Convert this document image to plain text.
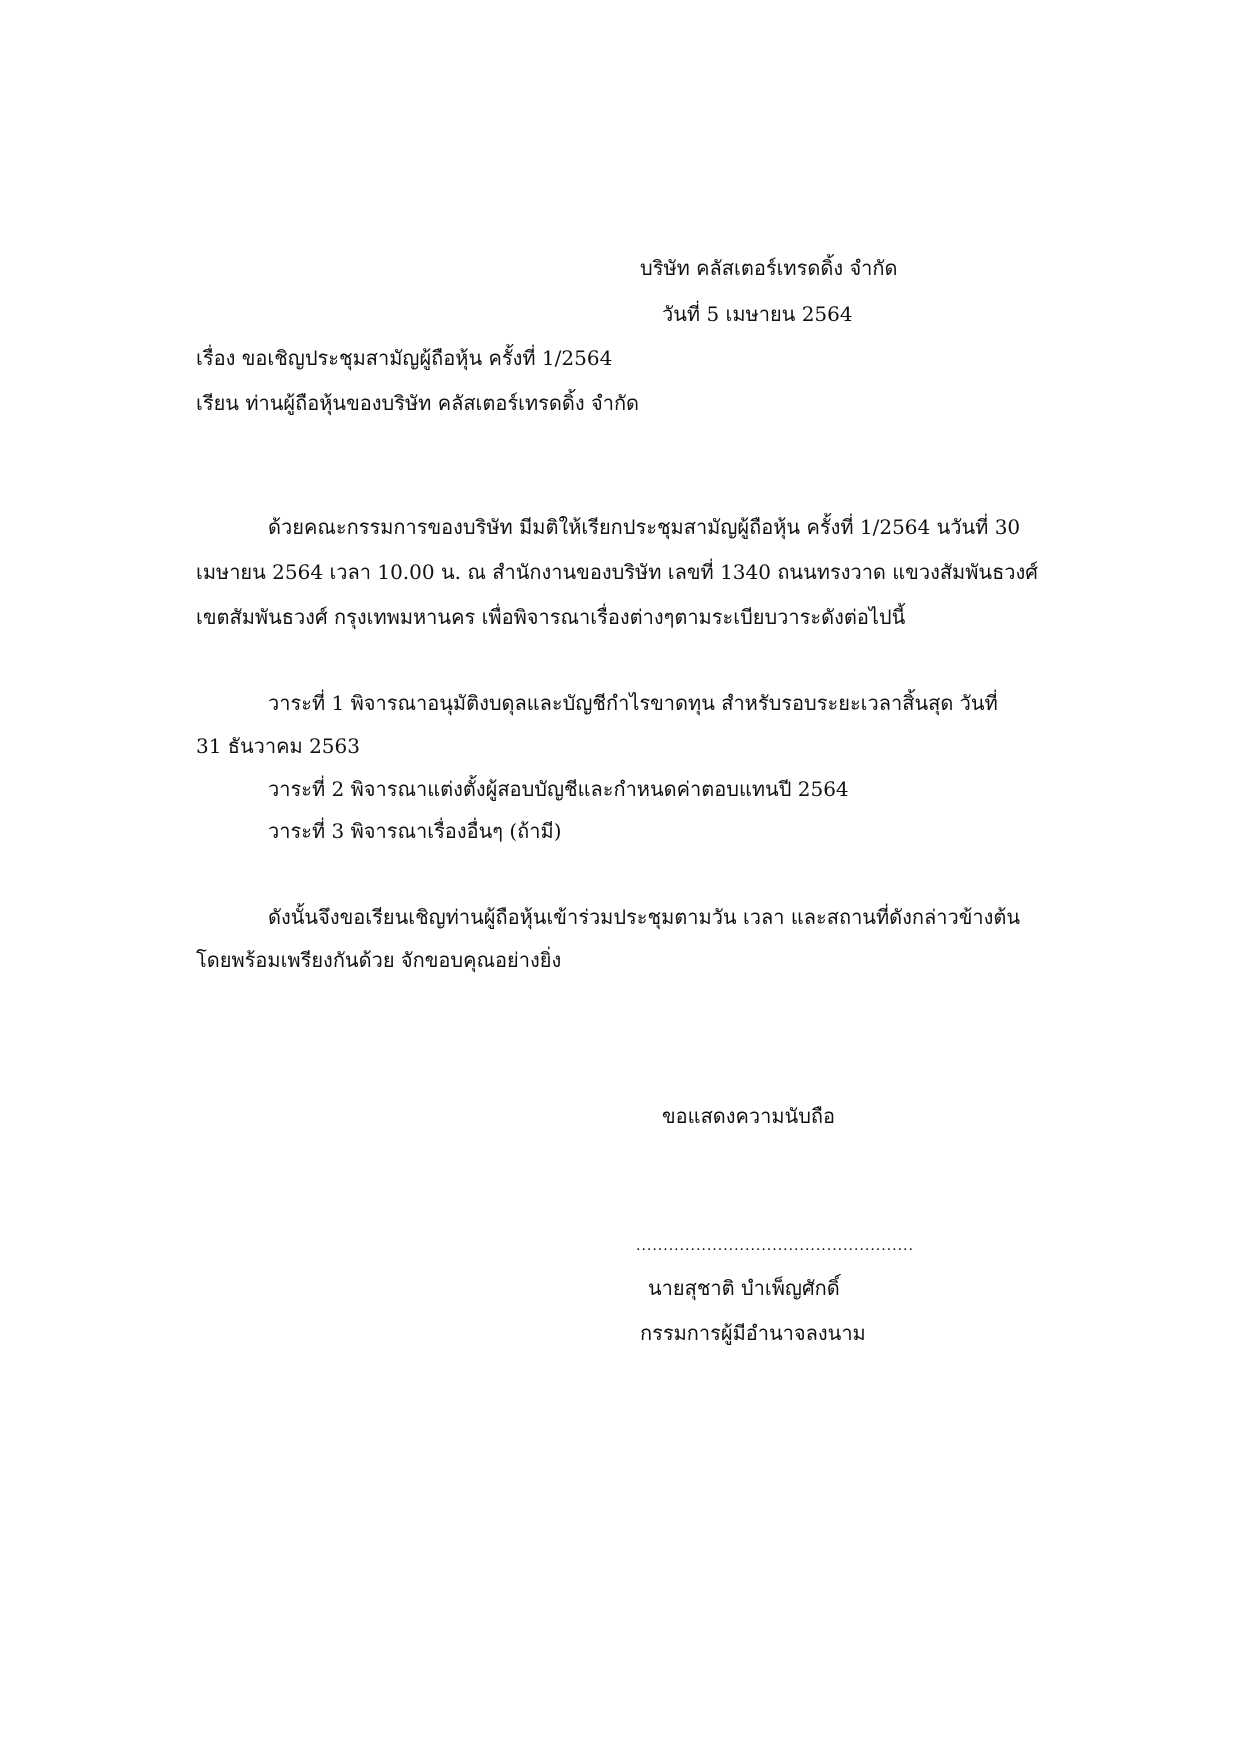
บริษัท คลัสเตอร์เทรดดิ้ง จำกัด
วันที่ 5 เมษายน 2564
เรื่อง ขอเชิญประชุมสามัญผู้ถือหุ้น ครั้งที่ 1/2564
เรียน ท่านผู้ถือหุ้นของบริษัท คลัสเตอร์เทรดดิ้ง จำกัด
ด้วยคณะกรรมการของบริษัท มีมติให้เรียกประชุมสามัญผู้ถือหุ้น ครั้งที่ 1/2564 นวันที่ 30
เมษายน 2564 เวลา 10.00 น. ณ สำนักงานของบริษัท เลขที่ 1340 ถนนทรงวาด แขวงสัมพันธวงศ์
เขตสัมพันธวงศ์ กรุงเทพมหานคร เพื่อพิจารณาเรื่องต่างๆตามระเบียบวาระดังต่อไปนี้
วาระที่ 1 พิจารณาอนุมัติงบดุลและบัญชีกำไรขาดทุน สำหรับรอบระยะเวลาสิ้นสุด วันที่
31 ธันวาคม 2563
วาระที่ 2 พิจารณาแต่งตั้งผู้สอบบัญชีและกำหนดค่าตอบแทนปี 2564
วาระที่ 3 พิจารณาเรื่องอื่นๆ (ถ้ามี)
ดังนั้นจึงขอเรียนเชิญท่านผู้ถือหุ้นเข้าร่วมประชุมตามวัน เวลา และสถานที่ดังกล่าวข้างต้น
โดยพร้อมเพรียงกันด้วย จักขอบคุณอย่างยิ่ง
ขอแสดงความนับถือ
...................................................
นายสุชาติ บำเพ็ญศักดิ์
กรรมการผู้มีอำนาจลงนาม
